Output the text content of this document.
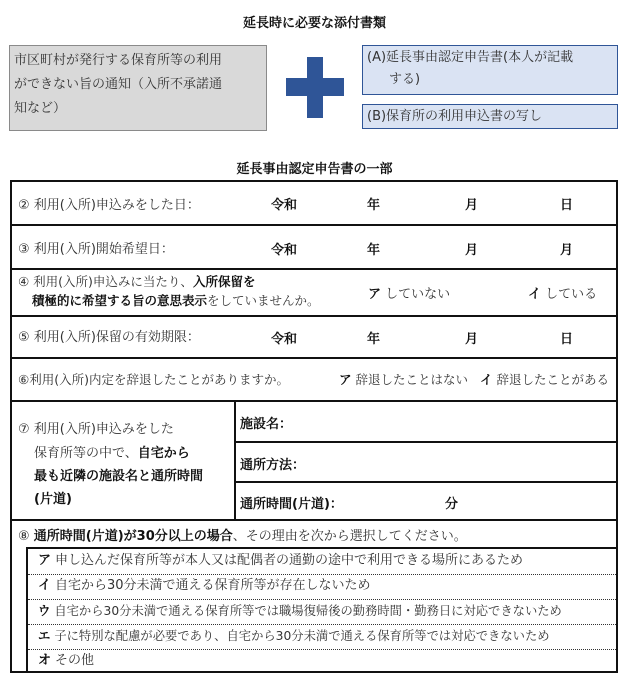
延長時に必要な添付書類
市区町村が発行する保育所等の利用
ができない旨の通知（入所不承諾通
知など）
(A)延長事由認定申告書(本人が記載
する)
(B)保育所の利用申込書の写し
延長事由認定申告書の一部
② 利用(入所)申込みをした日：	令和	年	月	日
③ 利用(入所)開始希望日：	令和	年	月	月
④ 利用(入所)申込みに当たり、入所保留を
積極的に希望する旨の意思表示をしていませんか。	ア していない	イ している
⑤ 利用(入所)保留の有効期限：	令和	年	月	日
⑥利用(入所)内定を辞退したことがありますか。	ア 辞退したことはない イ 辞退したことがある
⑦ 利用(入所)申込みをした
保育所等の中で、自宅から
最も近隣の施設名と通所時間
(片道)
施設名：
通所方法：
通所時間(片道)：	分
⑧ 通所時間(片道)が30分以上の場合、その理由を次から選択してください。
ア 申し込んだ保育所等が本人又は配偶者の通勤の途中で利用できる場所にあるため
イ 自宅から30分未満で通える保育所等が存在しないため
ウ 自宅から30分未満で通える保育所等では職場復帰後の勤務時間・勤務日に対応できないため
エ 子に特別な配慮が必要であり、自宅から30分未満で通える保育所等では対応できないため
オ その他
